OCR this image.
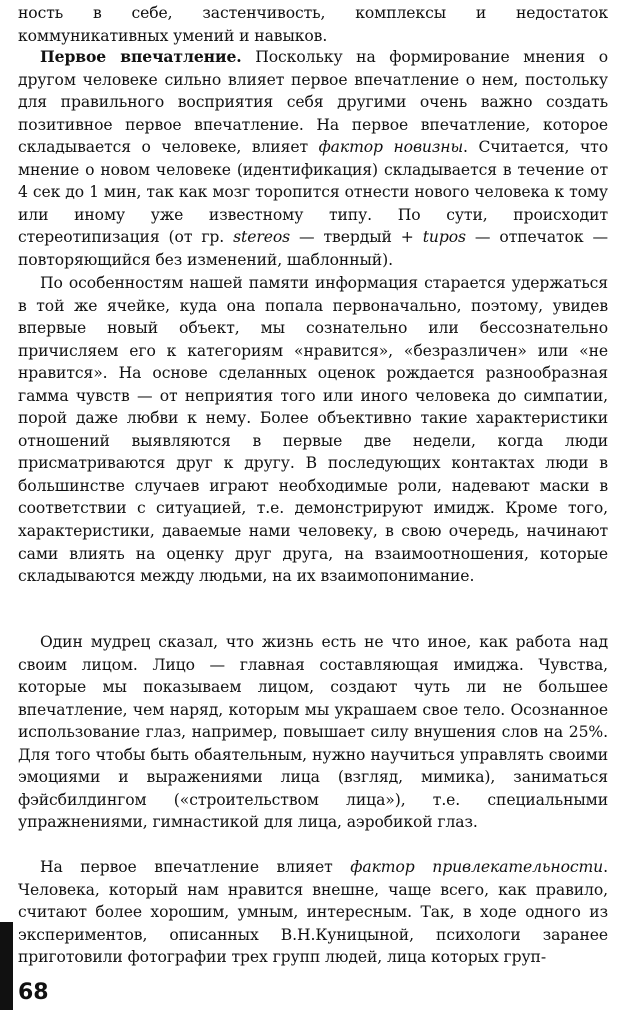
ность в себе, застенчивость, комплексы и недостаток коммуникативных умений и навыков.

Первое впечатление. Поскольку на формирование мнения о другом человеке сильно влияет первое впечатление о нем, постольку для правильного восприятия себя другими очень важно создать позитивное первое впечатление. На первое впечатление, которое складывается о человеке, влияет фактор новизны. Считается, что мнение о новом человеке (идентификация) складывается в течение от 4 сек до 1 мин, так как мозг торопится отнести нового человека к тому или иному уже известному типу. По сути, происходит стереотипизация (от гр. stereos — твердый + tupos — отпечаток — повторяющийся без изменений, шаблонный).

По особенностям нашей памяти информация старается удержаться в той же ячейке, куда она попала первоначально, поэтому, увидев впервые новый объект, мы сознательно или бессознательно причисляем его к категориям «нравится», «безразличен» или «не нравится». На основе сделанных оценок рождается разнообразная гамма чувств — от неприятия того или иного человека до симпатии, порой даже любви к нему. Более объективно такие характеристики отношений выявляются в первые две недели, когда люди присматриваются друг к другу. В последующих контактах люди в большинстве случаев играют необходимые роли, надевают маски в соответствии с ситуацией, т.е. демонстрируют имидж. Кроме того, характеристики, даваемые нами человеку, в свою очередь, начинают сами влиять на оценку друг друга, на взаимоотношения, которые складываются между людьми, на их взаимопонимание.

Один мудрец сказал, что жизнь есть не что иное, как работа над своим лицом. Лицо — главная составляющая имиджа. Чувства, которые мы показываем лицом, создают чуть ли не большее впечатление, чем наряд, которым мы украшаем свое тело. Осознанное использование глаз, например, повышает силу внушения слов на 25%. Для того чтобы быть обаятельным, нужно научиться управлять своими эмоциями и выражениями лица (взгляд, мимика), заниматься фэйсбилдингом («строительством лица»), т.е. специальными упражнениями, гимнастикой для лица, аэробикой глаз.

На первое впечатление влияет фактор привлекательности. Человека, который нам нравится внешне, чаще всего, как правило, считают более хорошим, умным, интересным. Так, в ходе одного из экспериментов, описанных В.Н.Куницыной, психологи заранее приготовили фотографии трех групп людей, лица которых груп-

68
